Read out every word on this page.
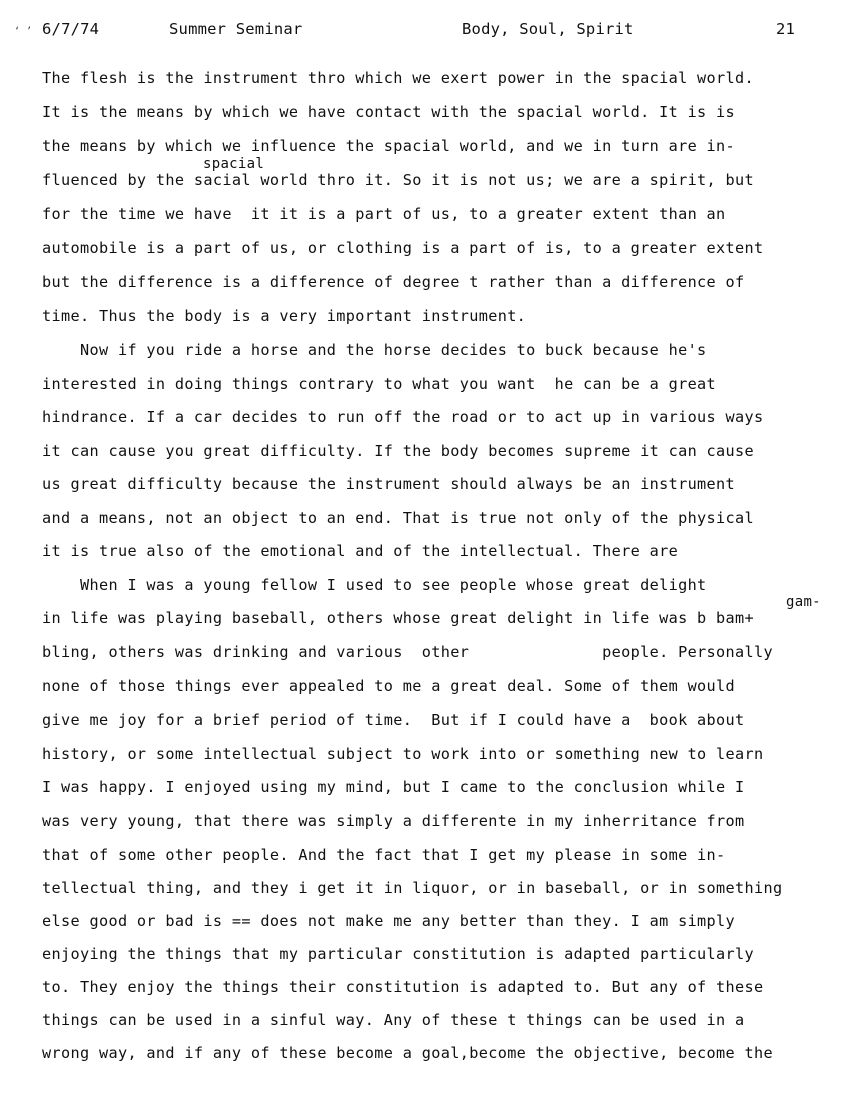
‘ ’ 6/7/74	Summer Seminar	Body, Soul, Spirit	21
spacial
gam-
The flesh is the instrument thro which we exert power in the spacial world.
It is the means by which we have contact with the spacial world. It is is
the means by which we influence the spacial world, and we in turn are in-
fluenced by the sacial world thro it. So it is not us; we are a spirit, but
for the time we have  it it is a part of us, to a greater extent than an
automobile is a part of us, or clothing is a part of is, to a greater extent
but the difference is a difference of degree t rather than a difference of
time. Thus the body is a very important instrument.
Now if you ride a horse and the horse decides to buck because he's
interested in doing things contrary to what you want  he can be a great
hindrance. If a car decides to run off the road or to act up in various ways
it can cause you great difficulty. If the body becomes supreme it can cause
us great difficulty because the instrument should always be an instrument
and a means, not an object to an end. That is true not only of the physical
it is true also of the emotional and of the intellectual. There are
When I was a young fellow I used to see people whose great delight
in life was playing baseball, others whose great delight in life was b bam+
bling, others was drinking and various  other              people. Personally
none of those things ever appealed to me a great deal. Some of them would
give me joy for a brief period of time.  But if I could have a  book about
history, or some intellectual subject to work into or something new to learn
I was happy. I enjoyed using my mind, but I came to the conclusion while I
was very young, that there was simply a differente in my inherritance from
that of some other people. And the fact that I get my please in some in-
tellectual thing, and they i get it in liquor, or in baseball, or in something
else good or bad is == does not make me any better than they. I am simply
enjoying the things that my particular constitution is adapted particularly
to. They enjoy the things their constitution is adapted to. But any of these
things can be used in a sinful way. Any of these t things can be used in a
wrong way, and if any of these become a goal,become the objective, become the
